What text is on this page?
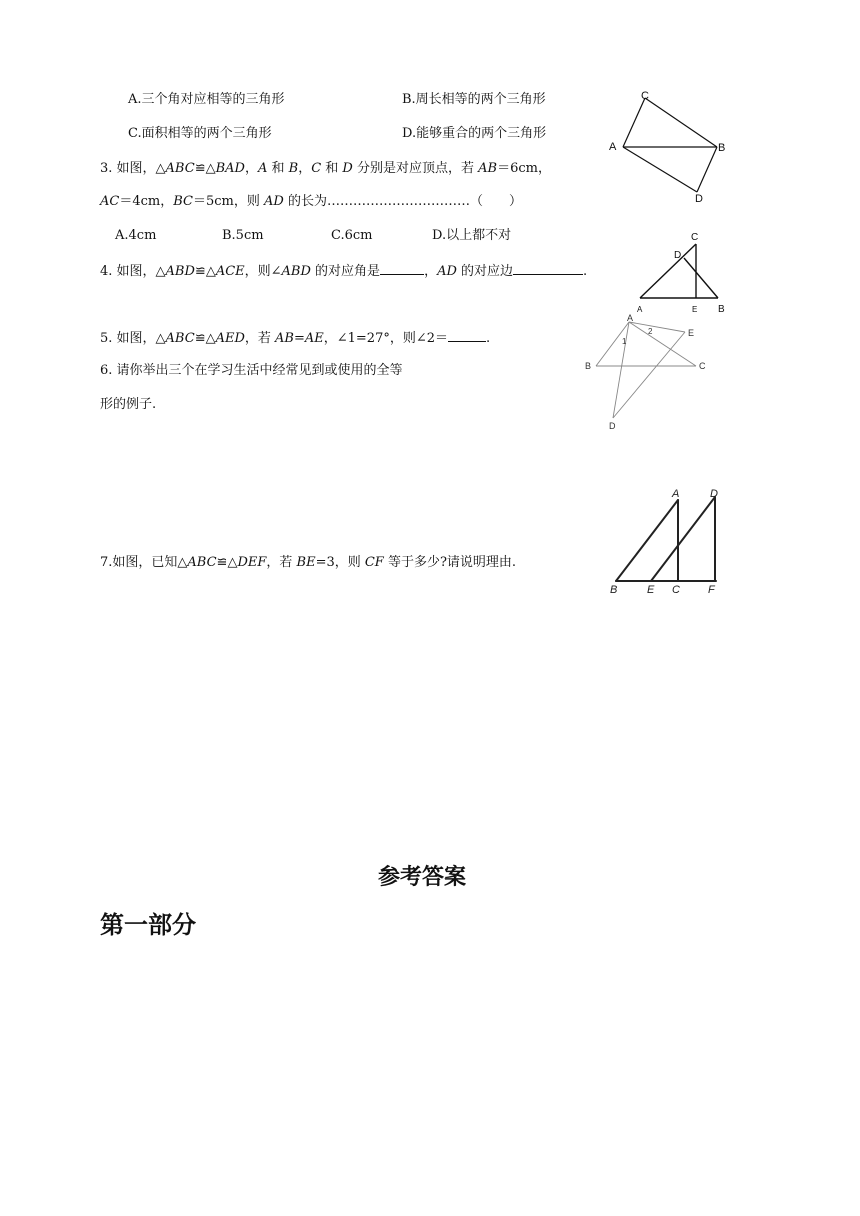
A.三个角对应相等的三角形	B.周长相等的两个三角形
C.面积相等的两个三角形	D.能够重合的两个三角形
3. 如图，△ABC≌△BAD，A 和 B，C 和 D 分别是对应顶点，若 AB＝6cm，
AC＝4cm，BC＝5cm，则 AD 的长为……………………………（　　）
A.4cm	B.5cm	C.6cm	D.以上都不对
4. 如图，△ABD≌△ACE，则∠ABD 的对应角是	，AD 的对应边	.
5. 如图，△ABC≌△AED，若 AB=AE，∠1=27°，则∠2＝	.
6. 请你举出三个在学习生活中经常见到或使用的全等
形的例子.
7.如图，已知△ABC≌△DEF，若 BE=3，则 CF 等于多少?请说明理由.
参考答案
第一部分
C
A	B
D
C
D
A	E B
A
1
2	E
B	C
D
A	D
B	E C	F
